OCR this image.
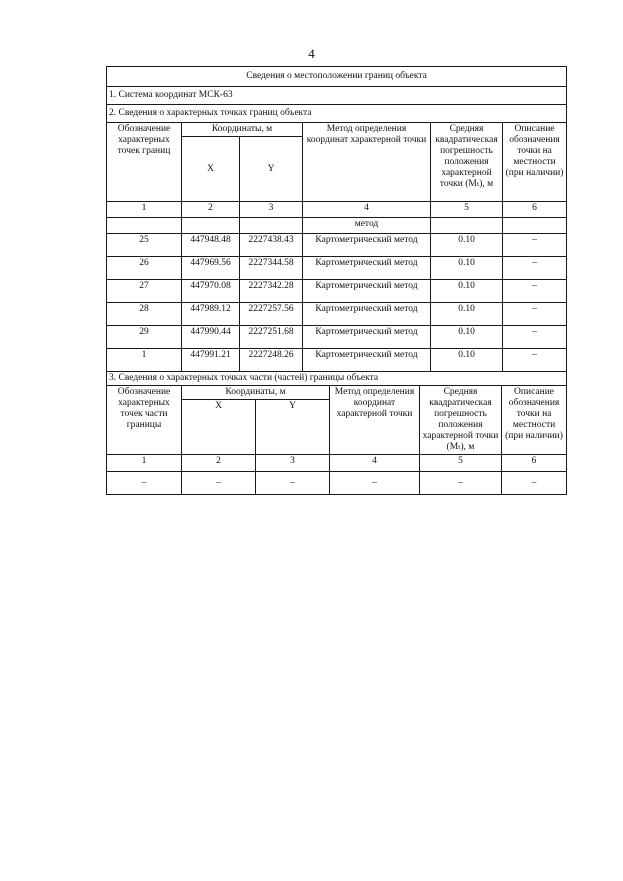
4
Сведения о местоположении границ объекта					
1. Система координат МСК-63					
2. Сведения о характерных точках границ объекта					
Обозначение характерных точек границ	Координаты, м		Метод определения координат характерной точки	Средняя квадратическая погрешность положения характерной точки (Mₜ), м	Описание обозначения точки на местности (при наличии)
	X	Y			
1	2	3	4	5	6
			метод		
25	447948.48	2227438.43	Картометрический метод	0.10	–
26	447969.56	2227344.58	Картометрический метод	0.10	–
27	447970.08	2227342.28	Картометрический метод	0.10	–
28	447989.12	2227257.56	Картометрический метод	0.10	–
29	447990.44	2227251.68	Картометрический метод	0.10	–
1	447991.21	2227248.26	Картометрический метод	0.10	–
3. Сведения о характерных точках части (частей) границы объекта					
Обозначение характерных точек части границы	Координаты, м		Метод определения координат характерной точки	Средняя квадратическая погрешность положения характерной точки (Mₜ), м	Описание обозначения точки на местности (при наличии)
	X	Y			
1	2	3	4	5	6
–	–	–	–	–	–
